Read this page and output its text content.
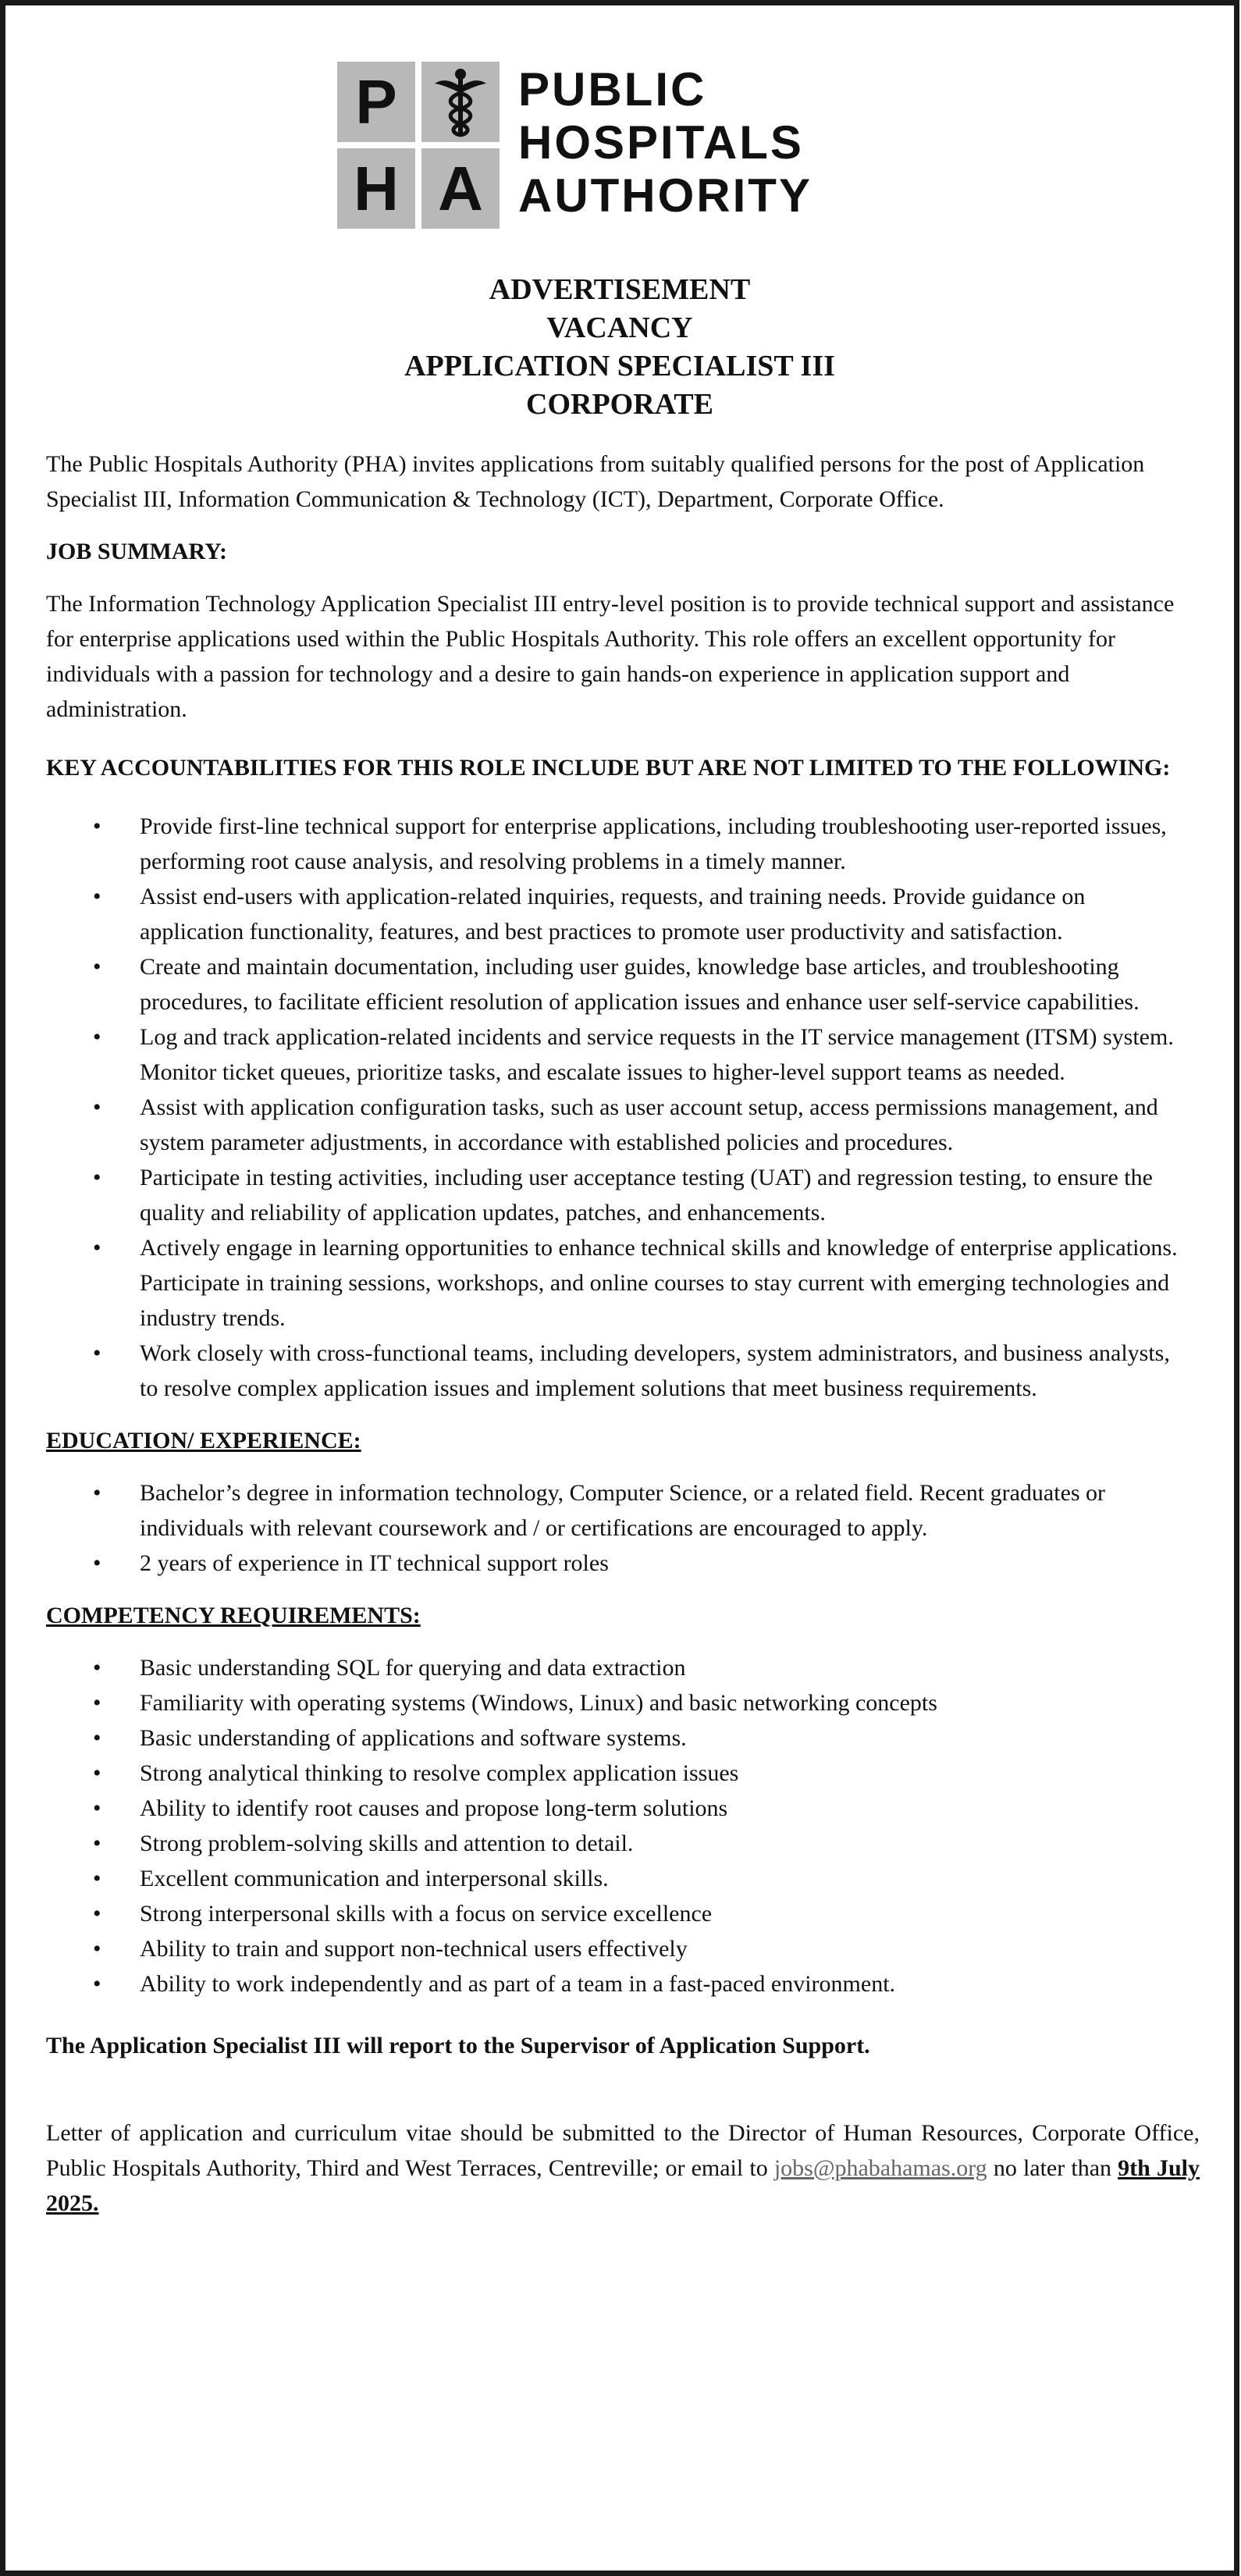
P
H A
PUBLIC
HOSPITALS
AUTHORITY
ADVERTISEMENT
VACANCY
APPLICATION SPECIALIST III
CORPORATE

The Public Hospitals Authority (PHA) invites applications from suitably qualified persons for the post of Application Specialist III, Information Communication & Technology (ICT), Department, Corporate Office.

JOB SUMMARY:

The Information Technology Application Specialist III entry-level position is to provide technical support and assistance for enterprise applications used within the Public Hospitals Authority. This role offers an excellent opportunity for individuals with a passion for technology and a desire to gain hands-on experience in application support and administration.

KEY ACCOUNTABILITIES FOR THIS ROLE INCLUDE BUT ARE NOT LIMITED TO THE FOLLOWING:

• Provide first-line technical support for enterprise applications, including troubleshooting user-reported issues, performing root cause analysis, and resolving problems in a timely manner.
• Assist end-users with application-related inquiries, requests, and training needs. Provide guidance on application functionality, features, and best practices to promote user productivity and satisfaction.
• Create and maintain documentation, including user guides, knowledge base articles, and troubleshooting procedures, to facilitate efficient resolution of application issues and enhance user self-service capabilities.
• Log and track application-related incidents and service requests in the IT service management (ITSM) system. Monitor ticket queues, prioritize tasks, and escalate issues to higher-level support teams as needed.
• Assist with application configuration tasks, such as user account setup, access permissions management, and system parameter adjustments, in accordance with established policies and procedures.
• Participate in testing activities, including user acceptance testing (UAT) and regression testing, to ensure the quality and reliability of application updates, patches, and enhancements.
• Actively engage in learning opportunities to enhance technical skills and knowledge of enterprise applications. Participate in training sessions, workshops, and online courses to stay current with emerging technologies and industry trends.
• Work closely with cross-functional teams, including developers, system administrators, and business analysts, to resolve complex application issues and implement solutions that meet business requirements.

EDUCATION/ EXPERIENCE:

• Bachelor’s degree in information technology, Computer Science, or a related field. Recent graduates or individuals with relevant coursework and / or certifications are encouraged to apply.
• 2 years of experience in IT technical support roles

COMPETENCY REQUIREMENTS:

• Basic understanding SQL for querying and data extraction
• Familiarity with operating systems (Windows, Linux) and basic networking concepts
• Basic understanding of applications and software systems.
• Strong analytical thinking to resolve complex application issues
• Ability to identify root causes and propose long-term solutions
• Strong problem-solving skills and attention to detail.
• Excellent communication and interpersonal skills.
• Strong interpersonal skills with a focus on service excellence
• Ability to train and support non-technical users effectively
• Ability to work independently and as part of a team in a fast-paced environment.

The Application Specialist III will report to the Supervisor of Application Support.

Letter of application and curriculum vitae should be submitted to the Director of Human Resources, Corporate Office, Public Hospitals Authority, Third and West Terraces, Centreville; or email to jobs@phabahamas.org no later than 9th July 2025.
